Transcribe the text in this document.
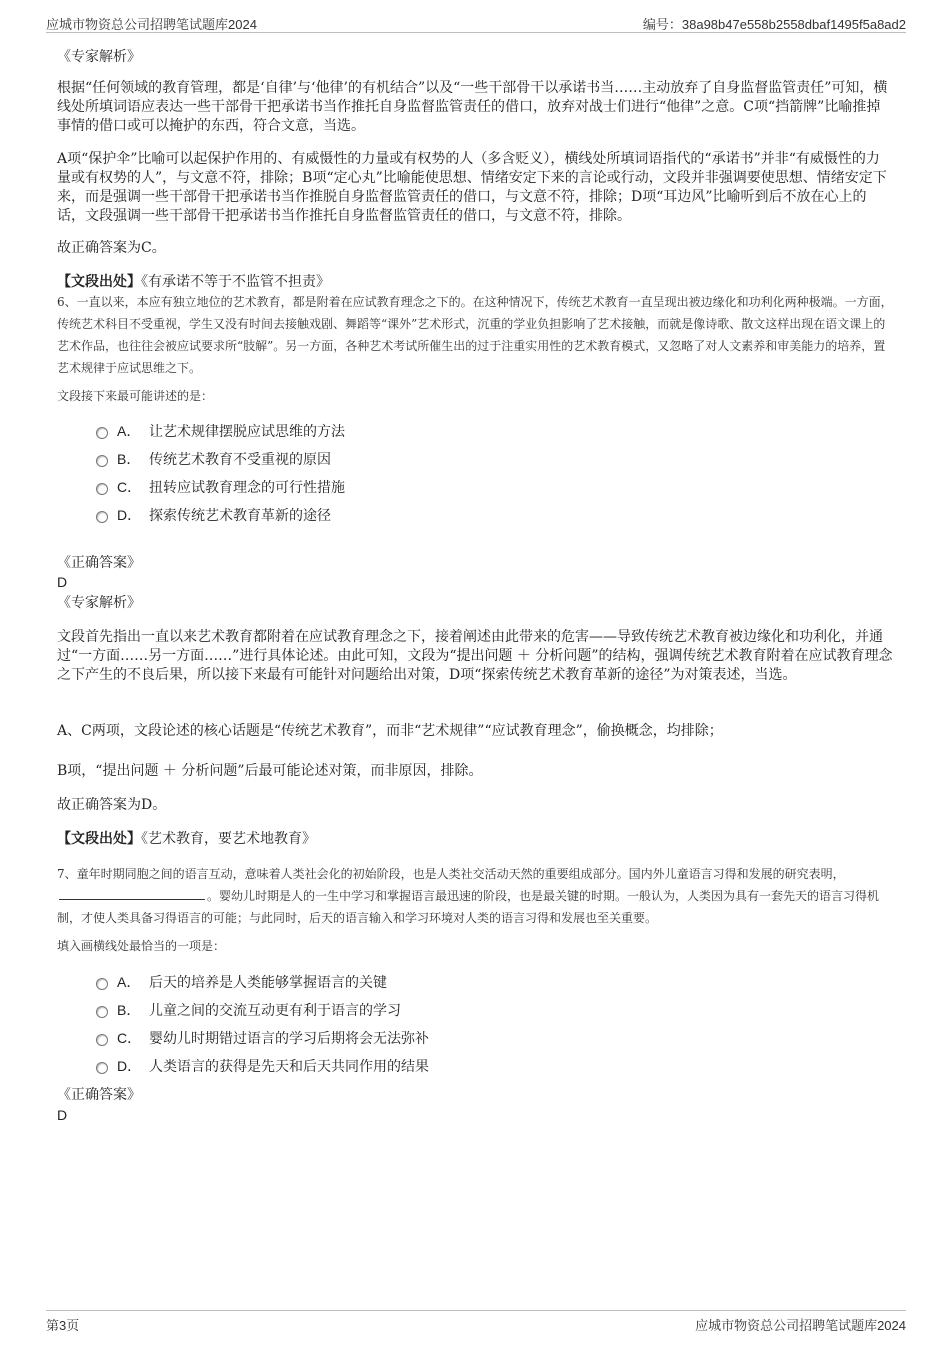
应城市物资总公司招聘笔试题库2024	编号：38a98b47e558b2558dbaf1495f5a8ad2
《专家解析》

根据“任何领域的教育管理，都是‘自律’与‘他律’的有机结合”以及“一些干部骨干以承诺书当……主动放弃了自身监督监管责任”可知，横线处所填词语应表达一些干部骨干把承诺书当作推托自身监督监管责任的借口，放弃对战士们进行“他律”之意。C项“挡箭牌”比喻推掉事情的借口或可以掩护的东西，符合文意，当选。

A项“保护伞”比喻可以起保护作用的、有威慑性的力量或有权势的人（多含贬义），横线处所填词语指代的“承诺书”并非“有威慑性的力量或有权势的人”，与文意不符，排除；B项“定心丸”比喻能使思想、情绪安定下来的言论或行动，文段并非强调要使思想、情绪安定下来，而是强调一些干部骨干把承诺书当作推脱自身监督监管责任的借口，与文意不符，排除；D项“耳边风”比喻听到后不放在心上的话，文段强调一些干部骨干把承诺书当作推托自身监督监管责任的借口，与文意不符，排除。

故正确答案为C。
【文段出处】《有承诺不等于不监管不担责》

6、一直以来，本应有独立地位的艺术教育，都是附着在应试教育理念之下的。在这种情况下，传统艺术教育一直呈现出被边缘化和功利化两种极端。一方面，传统艺术科目不受重视，学生又没有时间去接触戏剧、舞蹈等“课外”艺术形式，沉重的学业负担影响了艺术接触，而就是像诗歌、散文这样出现在语文课上的艺术作品，也往往会被应试要求所“肢解”。另一方面，各种艺术考试所催生出的过于注重实用性的艺术教育模式，又忽略了对人文素养和审美能力的培养，置艺术规律于应试思维之下。

文段接下来最可能讲述的是：

A． 让艺术规律摆脱应试思维的方法
B． 传统艺术教育不受重视的原因
C． 扭转应试教育理念的可行性措施
D． 探索传统艺术教育革新的途径
《正确答案》
D
《专家解析》

文段首先指出一直以来艺术教育都附着在应试教育理念之下，接着阐述由此带来的危害——导致传统艺术教育被边缘化和功利化，并通过“一方面……另一方面……”进行具体论述。由此可知，文段为“提出问题 ＋ 分析问题”的结构，强调传统艺术教育附着在应试教育理念之下产生的不良后果，所以接下来最有可能针对问题给出对策，D项“探索传统艺术教育革新的途径”为对策表述，当选。

A、C两项，文段论述的核心话题是“传统艺术教育”，而非“艺术规律”“应试教育理念”，偷换概念，均排除；

B项，“提出问题 ＋ 分析问题”后最可能论述对策，而非原因，排除。

故正确答案为D。
【文段出处】《艺术教育，要艺术地教育》

7、童年时期同胞之间的语言互动，意味着人类社会化的初始阶段，也是人类社交活动天然的重要组成部分。国内外儿童语言习得和发展的研究表明，。婴幼儿时期是人的一生中学习和掌握语言最迅速的阶段，也是最关键的时期。一般认为，人类因为具有一套先天的语言习得机制，才使人类具备习得语言的可能；与此同时，后天的语言输入和学习环境对人类的语言习得和发展也至关重要。

填入画横线处最恰当的一项是：

A． 后天的培养是人类能够掌握语言的关键
B． 儿童之间的交流互动更有利于语言的学习
C． 婴幼儿时期错过语言的学习后期将会无法弥补
D． 人类语言的获得是先天和后天共同作用的结果
《正确答案》
D
第3页	应城市物资总公司招聘笔试题库2024
